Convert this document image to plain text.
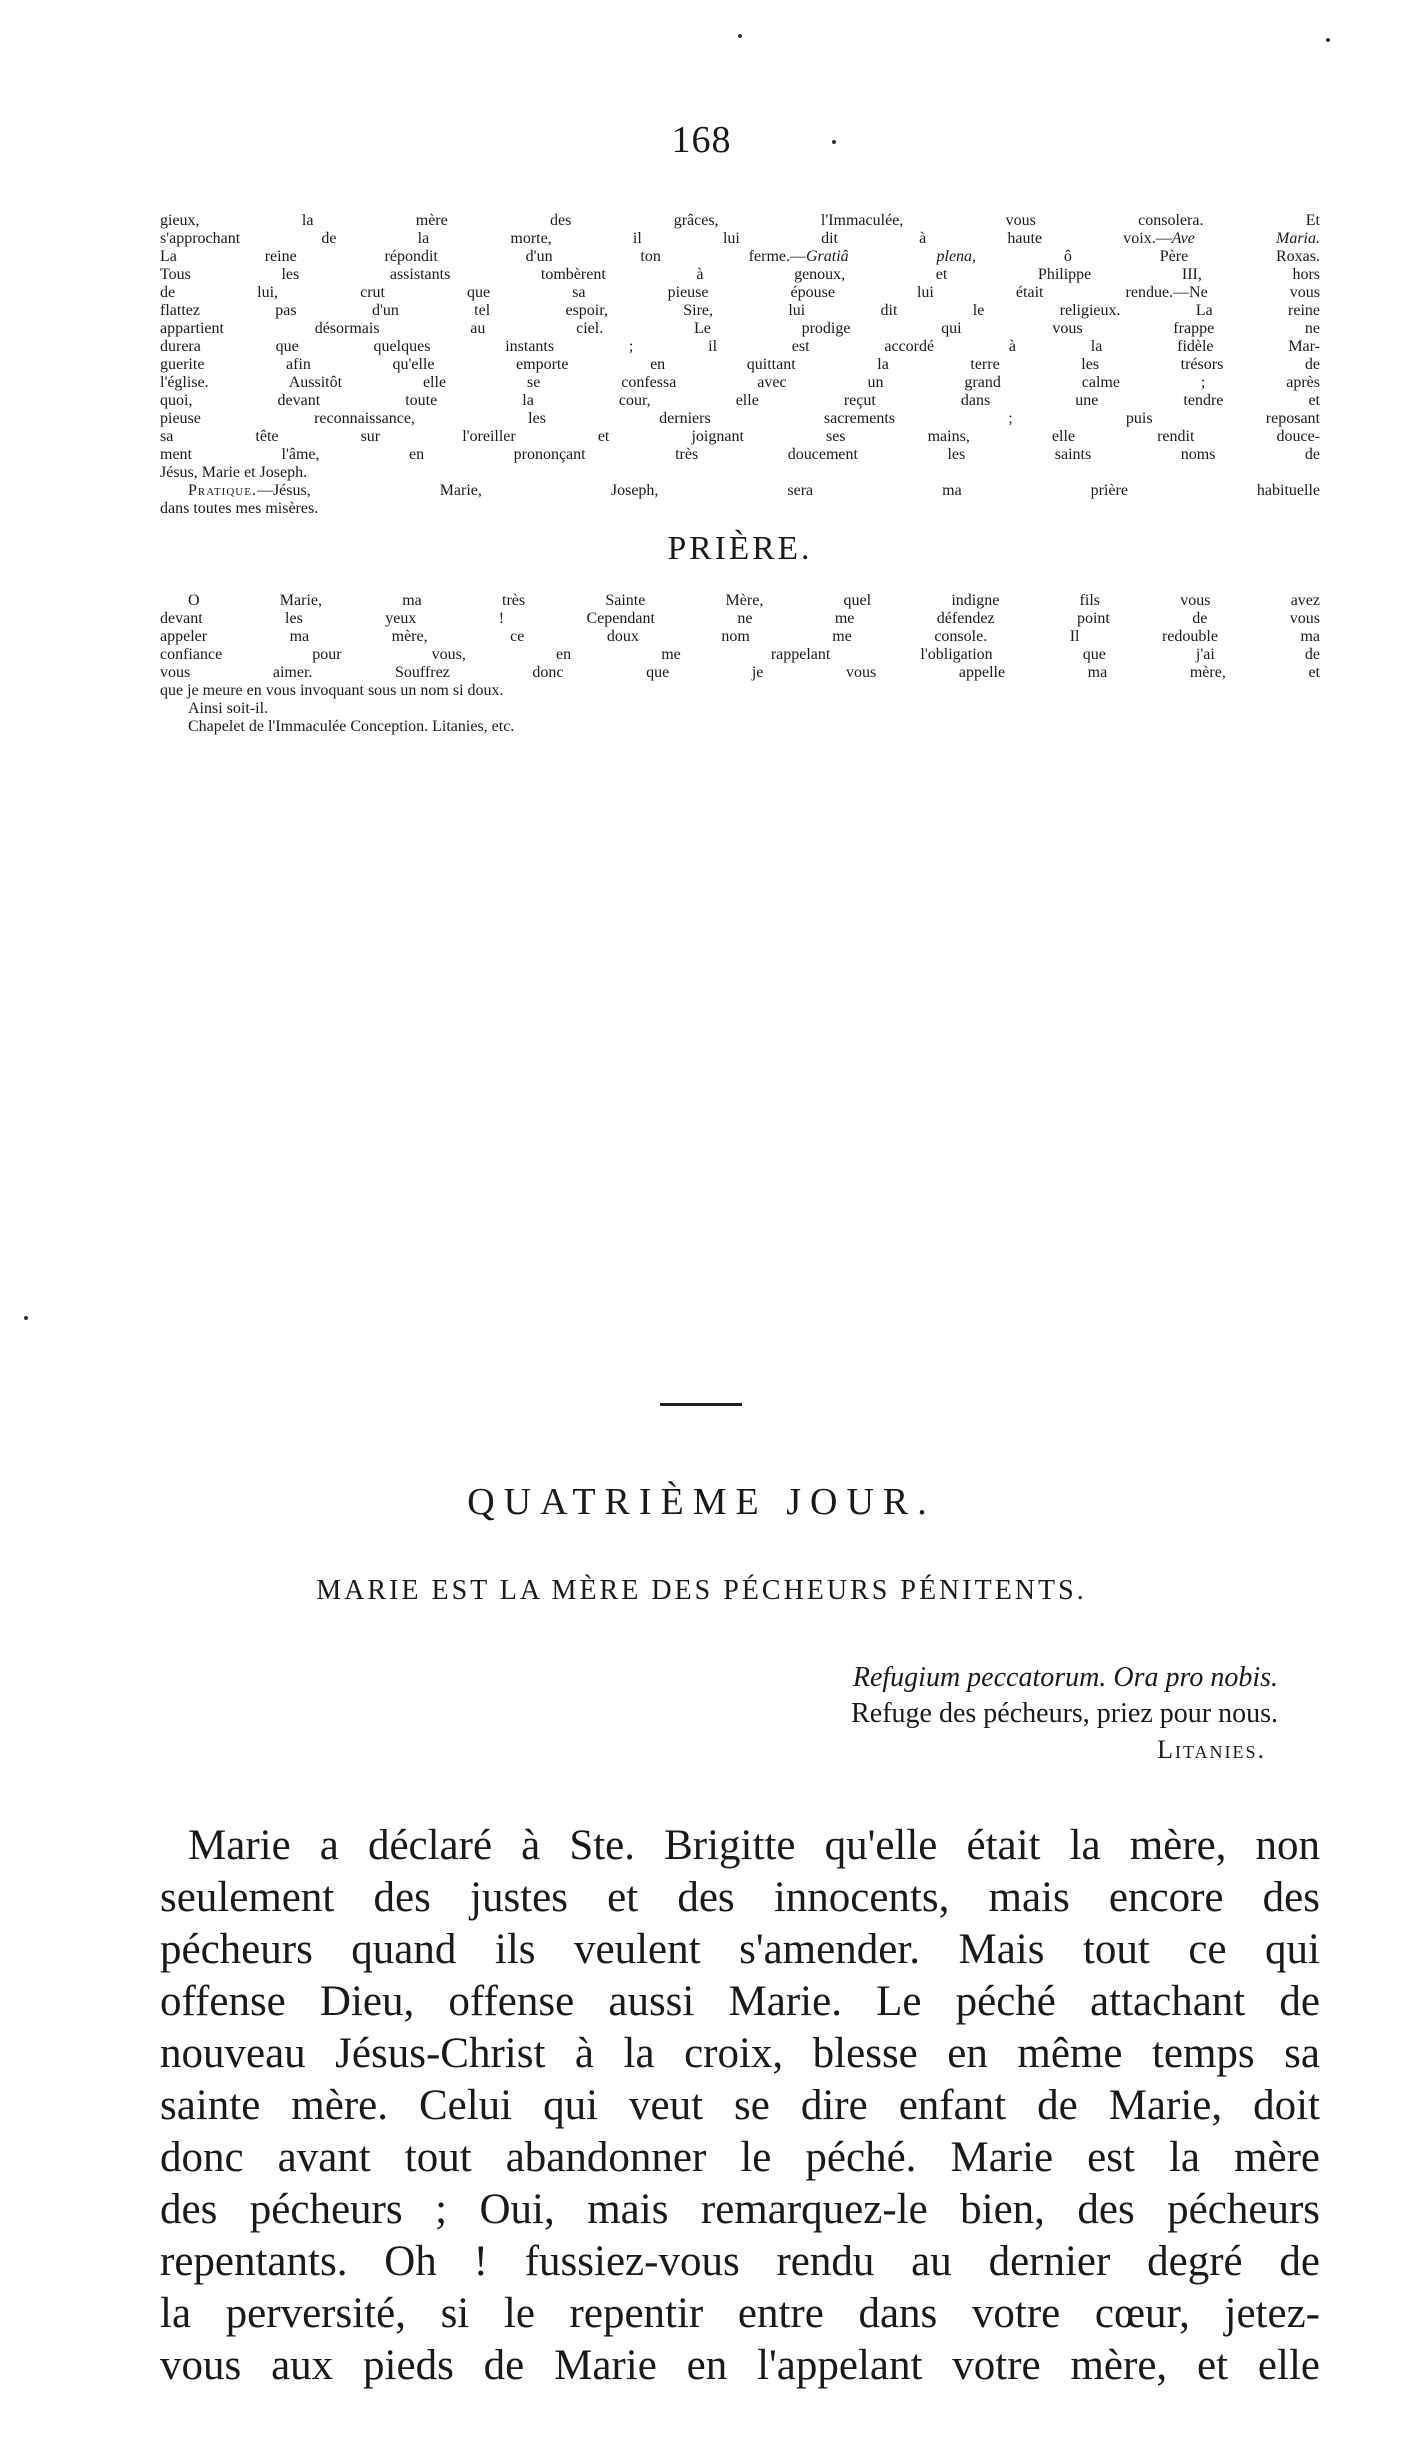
168
gieux, la mère des grâces, l'Immaculée, vous consolera. Et
s'approchant de la morte, il lui dit à haute voix.—Ave Maria.
La reine répondit d'un ton ferme.—Gratiâ plena, ô Père Roxas.
Tous les assistants tombèrent à genoux, et Philippe III, hors
de lui, crut que sa pieuse épouse lui était rendue.—Ne vous
flattez pas d'un tel espoir, Sire, lui dit le religieux. La reine
appartient désormais au ciel. Le prodige qui vous frappe ne
durera que quelques instants ; il est accordé à la fidèle Mar-
guerite afin qu'elle emporte en quittant la terre les trésors de
l'église. Aussitôt elle se confessa avec un grand calme ; après
quoi, devant toute la cour, elle reçut dans une tendre et
pieuse reconnaissance, les derniers sacrements ; puis reposant
sa tête sur l'oreiller et joignant ses mains, elle rendit douce-
ment l'âme, en prononçant très doucement les saints noms de
Jésus, Marie et Joseph.
Pratique.—Jésus, Marie, Joseph, sera ma prière habituelle
dans toutes mes misères.

PRIÈRE.

O Marie, ma très Sainte Mère, quel indigne fils vous avez
devant les yeux ! Cependant ne me défendez point de vous
appeler ma mère, ce doux nom me console. Il redouble ma
confiance pour vous, en me rappelant l'obligation que j'ai de
vous aimer. Souffrez donc que je vous appelle ma mère, et
que je meure en vous invoquant sous un nom si doux.
Ainsi soit-il.
Chapelet de l'Immaculée Conception. Litanies, etc.
QUATRIÈME JOUR.
MARIE EST LA MÈRE DES PÉCHEURS PÉNITENTS.
Refugium peccatorum. Ora pro nobis.
Refuge des pécheurs, priez pour nous.
Litanies.
Marie a déclaré à Ste. Brigitte qu'elle était la mère, non
seulement des justes et des innocents, mais encore des
pécheurs quand ils veulent s'amender. Mais tout ce qui
offense Dieu, offense aussi Marie. Le péché attachant de
nouveau Jésus-Christ à la croix, blesse en même temps sa
sainte mère. Celui qui veut se dire enfant de Marie, doit
donc avant tout abandonner le péché. Marie est la mère
des pécheurs ; Oui, mais remarquez-le bien, des pécheurs
repentants. Oh ! fussiez-vous rendu au dernier degré de
la perversité, si le repentir entre dans votre cœur, jetez-
vous aux pieds de Marie en l'appelant votre mère, et elle
